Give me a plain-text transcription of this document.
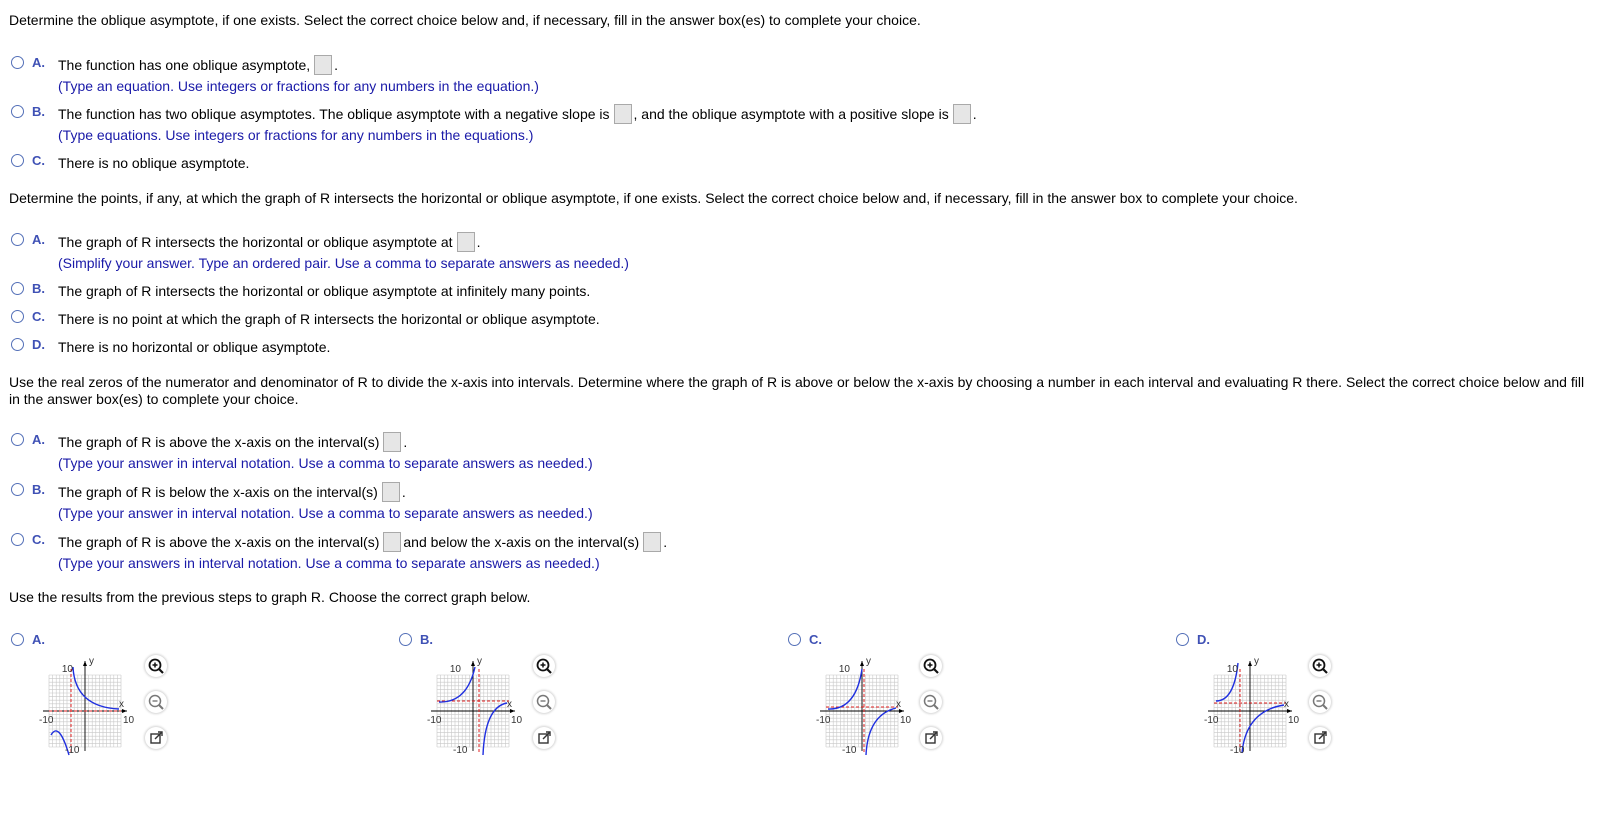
Determine the oblique asymptote, if one exists. Select the correct choice below and, if necessary, fill in the answer box(es) to complete your choice.
A. The function has one oblique asymptote, .
(Type an equation. Use integers or fractions for any numbers in the equation.)
B. The function has two oblique asymptotes. The oblique asymptote with a negative slope is , and the oblique asymptote with a positive slope is .
(Type equations. Use integers or fractions for any numbers in the equations.)
C. There is no oblique asymptote.
Determine the points, if any, at which the graph of R intersects the horizontal or oblique asymptote, if one exists. Select the correct choice below and, if necessary, fill in the answer box to complete your choice.
A. The graph of R intersects the horizontal or oblique asymptote at .
(Simplify your answer. Type an ordered pair. Use a comma to separate answers as needed.)
B. The graph of R intersects the horizontal or oblique asymptote at infinitely many points.
C. There is no point at which the graph of R intersects the horizontal or oblique asymptote.
D. There is no horizontal or oblique asymptote.
Use the real zeros of the numerator and denominator of R to divide the x-axis into intervals. Determine where the graph of R is above or below the x-axis by choosing a number in each interval and evaluating R there. Select the correct choice below and fill in the answer box(es) to complete your choice.
A. The graph of R is above the x-axis on the interval(s) .
(Type your answer in interval notation. Use a comma to separate answers as needed.)
B. The graph of R is below the x-axis on the interval(s) .
(Type your answer in interval notation. Use a comma to separate answers as needed.)
C. The graph of R is above the x-axis on the interval(s) and below the x-axis on the interval(s) .
(Type your answers in interval notation. Use a comma to separate answers as needed.)
Use the results from the previous steps to graph R. Choose the correct graph below.
A.
y
x
10
-10
-10	10
B.
y
x
10
-10
-10	10
C.
y
x
10
-10
-10	10
D.
y
x
10
-10
-10	10
